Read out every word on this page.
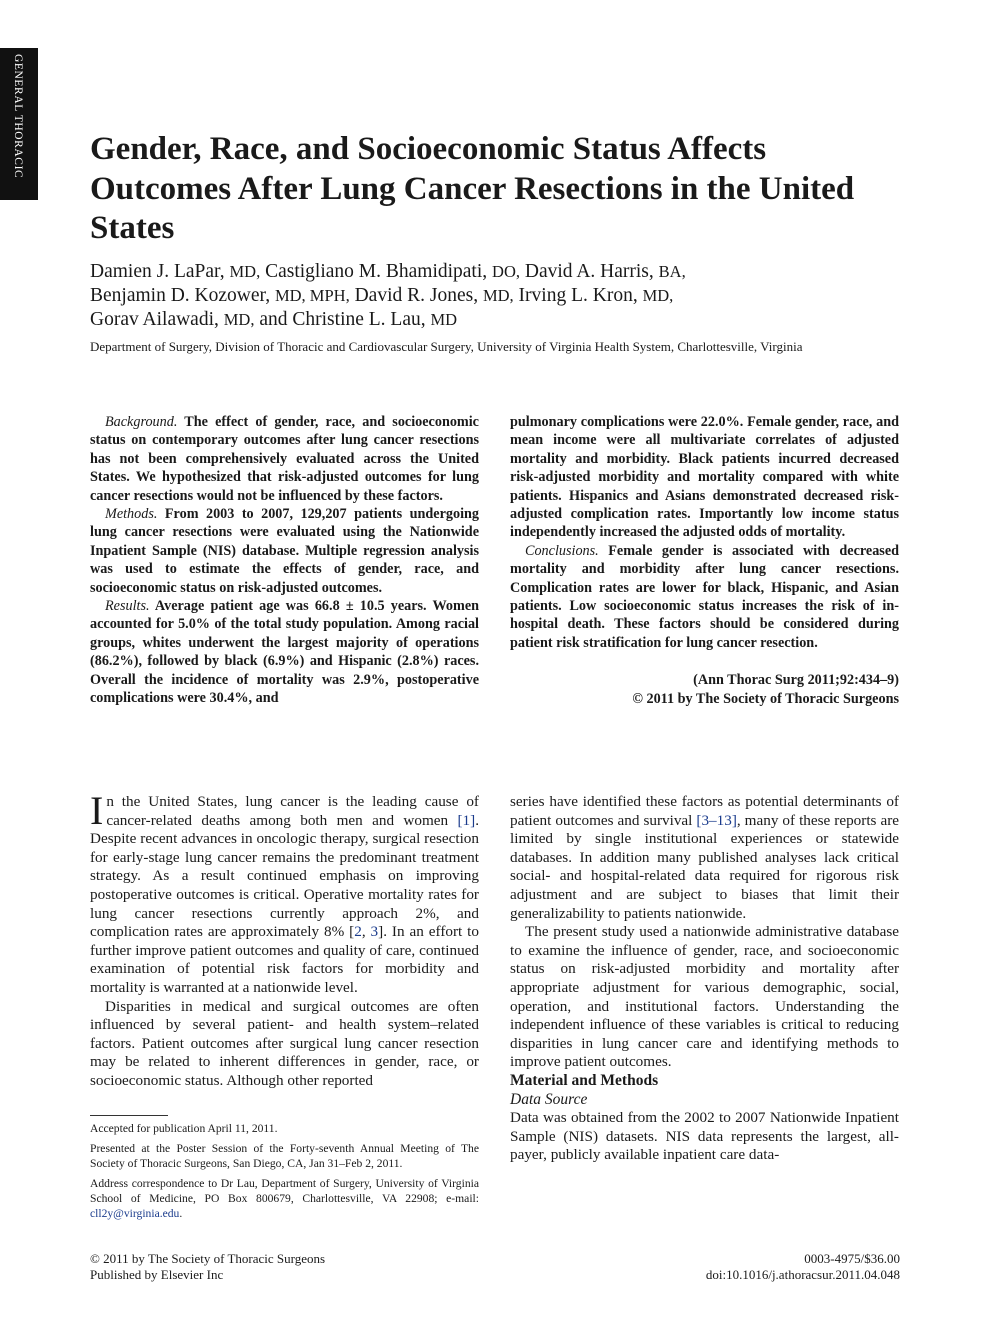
GENERAL THORACIC Gender, Race, and Socioeconomic Status Affects Outcomes After Lung Cancer Resections in the United States
Damien J. LaPar, MD, Castigliano M. Bhamidipati, DO, David A. Harris, BA,
Benjamin D. Kozower, MD, MPH, David R. Jones, MD, Irving L. Kron, MD,
Gorav Ailawadi, MD, and Christine L. Lau, MD
Department of Surgery, Division of Thoracic and Cardiovascular Surgery, University of Virginia Health System, Charlottesville, Virginia

Background. The effect of gender, race, and socioeconomic status on contemporary outcomes after lung cancer resections has not been comprehensively evaluated across the United States. We hypothesized that risk-adjusted outcomes for lung cancer resections would not be influenced by these factors.

Methods. From 2003 to 2007, 129,207 patients undergoing lung cancer resections were evaluated using the Nationwide Inpatient Sample (NIS) database. Multiple regression analysis was used to estimate the effects of gender, race, and socioeconomic status on risk-adjusted outcomes.

Results. Average patient age was 66.8 ± 10.5 years. Women accounted for 5.0% of the total study population. Among racial groups, whites underwent the largest majority of operations (86.2%), followed by black (6.9%) and Hispanic (2.8%) races. Overall the incidence of mortality was 2.9%, postoperative complications were 30.4%, and

pulmonary complications were 22.0%. Female gender, race, and mean income were all multivariate correlates of adjusted mortality and morbidity. Black patients incurred decreased risk-adjusted morbidity and mortality compared with white patients. Hispanics and Asians demonstrated decreased risk-adjusted complication rates. Importantly low income status independently increased the adjusted odds of mortality.

Conclusions. Female gender is associated with decreased mortality and morbidity after lung cancer resections. Complication rates are lower for black, Hispanic, and Asian patients. Low socioeconomic status increases the risk of in-hospital death. These factors should be considered during patient risk stratification for lung cancer resection.

(Ann Thorac Surg 2011;92:434–9)
© 2011 by The Society of Thoracic Surgeons

In the United States, lung cancer is the leading cause of cancer-related deaths among both men and women [1]. Despite recent advances in oncologic therapy, surgical resection for early-stage lung cancer remains the predominant treatment strategy. As a result continued emphasis on improving postoperative outcomes is critical. Operative mortality rates for lung cancer resections currently approach 2%, and complication rates are approximately 8% [2, 3]. In an effort to further improve patient outcomes and quality of care, continued examination of potential risk factors for morbidity and mortality is warranted at a nationwide level.

Disparities in medical and surgical outcomes are often influenced by several patient- and health system–related factors. Patient outcomes after surgical lung cancer resection may be related to inherent differences in gender, race, or socioeconomic status. Although other reported

series have identified these factors as potential determinants of patient outcomes and survival [3–13], many of these reports are limited by single institutional experiences or statewide databases. In addition many published analyses lack critical social- and hospital-related data required for rigorous risk adjustment and are subject to biases that limit their generalizability to patients nationwide.

The present study used a nationwide administrative database to examine the influence of gender, race, and socioeconomic status on risk-adjusted morbidity and mortality after appropriate adjustment for various demographic, social, operation, and institutional factors. Understanding the independent influence of these variables is critical to reducing disparities in lung cancer care and identifying methods to improve patient outcomes.

Material and Methods

Data Source

Data was obtained from the 2002 to 2007 Nationwide Inpatient Sample (NIS) datasets. NIS data represents the largest, all-payer, publicly available inpatient care data-

Accepted for publication April 11, 2011.

Presented at the Poster Session of the Forty-seventh Annual Meeting of The Society of Thoracic Surgeons, San Diego, CA, Jan 31–Feb 2, 2011.

Address correspondence to Dr Lau, Department of Surgery, University of Virginia School of Medicine, PO Box 800679, Charlottesville, VA 22908; e-mail: cll2y@virginia.edu.

© 2011 by The Society of Thoracic Surgeons
Published by Elsevier Inc
0003-4975/$36.00
doi:10.1016/j.athoracsur.2011.04.048
